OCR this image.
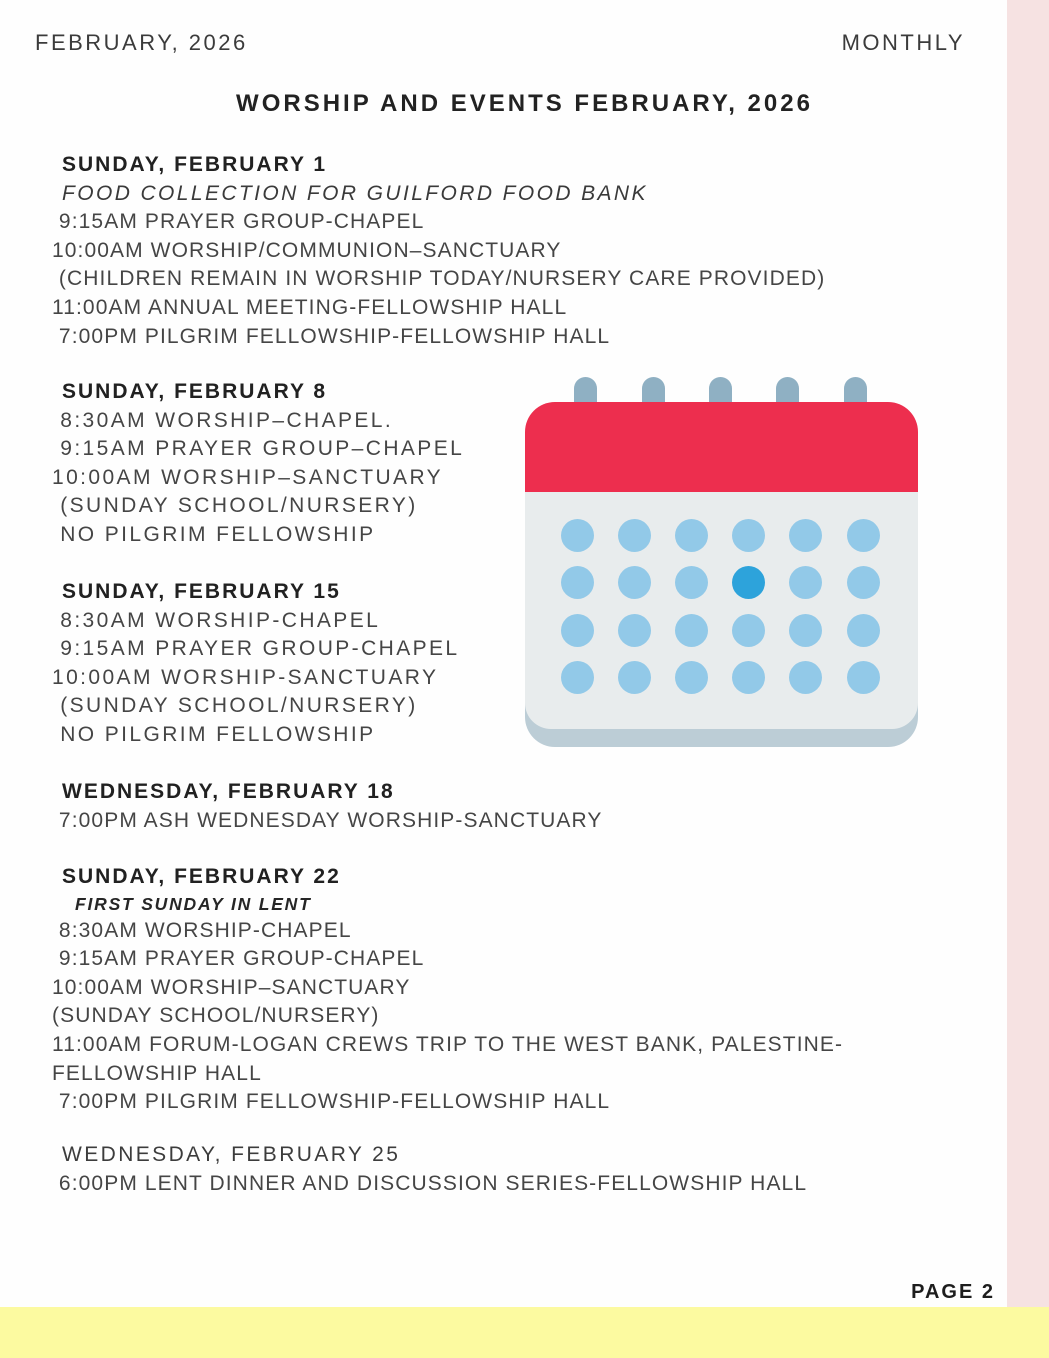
FEBRUARY, 2026	MONTHLY
WORSHIP AND EVENTS FEBRUARY, 2026
SUNDAY, FEBRUARY 1
FOOD COLLECTION FOR GUILFORD FOOD BANK
9:15AM PRAYER GROUP-CHAPEL
10:00AM WORSHIP/COMMUNION–SANCTUARY
(CHILDREN REMAIN IN WORSHIP TODAY/NURSERY CARE PROVIDED)
11:00AM ANNUAL MEETING-FELLOWSHIP HALL
7:00PM PILGRIM FELLOWSHIP-FELLOWSHIP HALL
SUNDAY, FEBRUARY 8
8:30AM WORSHIP–CHAPEL.
9:15AM PRAYER GROUP–CHAPEL
10:00AM WORSHIP–SANCTUARY
(SUNDAY SCHOOL/NURSERY)
NO PILGRIM FELLOWSHIP
SUNDAY, FEBRUARY 15
8:30AM WORSHIP-CHAPEL
9:15AM PRAYER GROUP-CHAPEL
10:00AM WORSHIP-SANCTUARY
(SUNDAY SCHOOL/NURSERY)
NO PILGRIM FELLOWSHIP
WEDNESDAY, FEBRUARY 18
7:00PM ASH WEDNESDAY WORSHIP-SANCTUARY
SUNDAY, FEBRUARY 22
FIRST SUNDAY IN LENT
8:30AM WORSHIP-CHAPEL
9:15AM PRAYER GROUP-CHAPEL
10:00AM WORSHIP–SANCTUARY
(SUNDAY SCHOOL/NURSERY)
11:00AM FORUM-LOGAN CREWS TRIP TO THE WEST BANK, PALESTINE-
FELLOWSHIP HALL
7:00PM PILGRIM FELLOWSHIP-FELLOWSHIP HALL
WEDNESDAY, FEBRUARY 25
6:00PM LENT DINNER AND DISCUSSION SERIES-FELLOWSHIP HALL
PAGE 2
